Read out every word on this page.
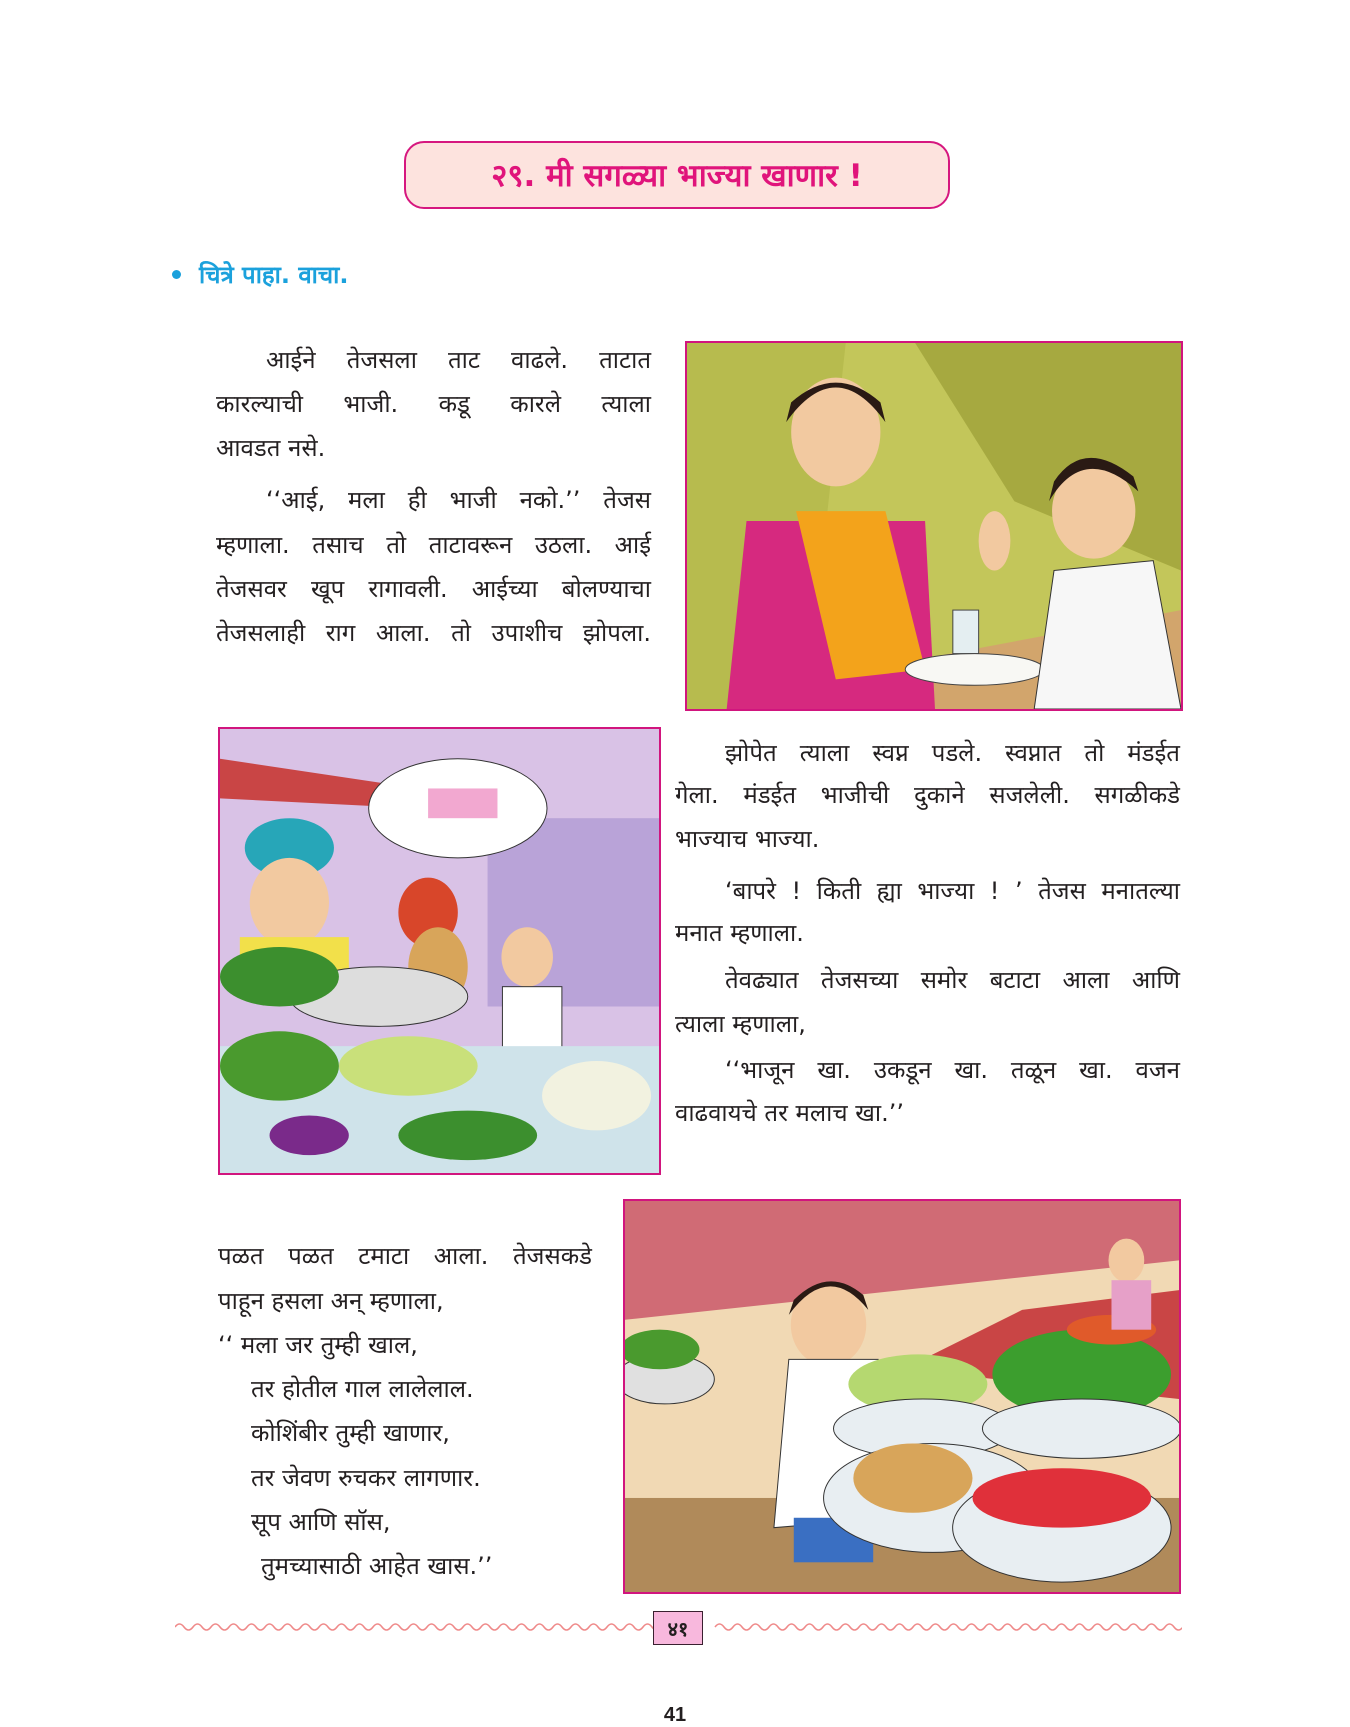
२९. मी सगळ्या भाज्या खाणार !
चित्रे पाहा. वाचा.
आईने तेजसला ताट वाढले. ताटात
कारल्याची भाजी. कडू कारले त्याला
आवडत नसे.
‘‘आई, मला ही भाजी नको.’’ तेजस
म्हणाला. तसाच तो ताटावरून उठला. आई
तेजसवर खूप रागावली. आईच्या बोलण्याचा
तेजसलाही राग आला. तो उपाशीच झोपला.
झोपेत त्याला स्वप्न पडले. स्वप्नात तो मंडईत
गेला. मंडईत भाजीची दुकाने सजलेली. सगळीकडे
भाज्याच भाज्या.
‘बापरे ! किती ह्या भाज्या ! ’ तेजस मनातल्या
मनात म्हणाला.
तेवढ्यात तेजसच्या समोर बटाटा आला आणि
त्याला म्हणाला,
‘‘भाजून खा. उकडून खा. तळून खा. वजन
वाढवायचे तर मलाच खा.’’
पळत पळत टमाटा आला. तेजसकडे
पाहून हसला अन् म्हणाला,
‘‘ मला जर तुम्ही खाल,
तर होतील गाल लालेलाल.
कोशिंबीर तुम्ही खाणार,
तर जेवण रुचकर लागणार.
सूप आणि सॉस,
तुमच्यासाठी आहेत खास.’’
४१
41
